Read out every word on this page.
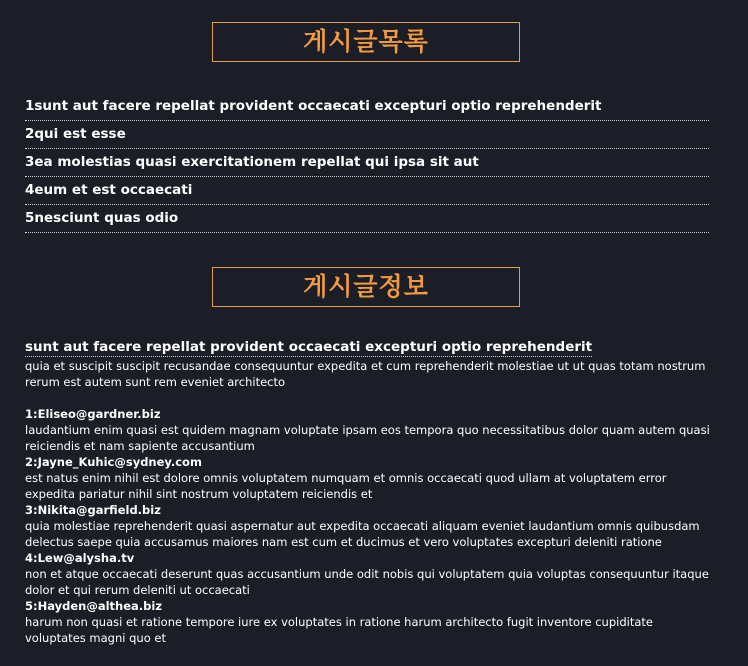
게시글목록
1sunt aut facere repellat provident occaecati excepturi optio reprehenderit
2qui est esse
3ea molestias quasi exercitationem repellat qui ipsa sit aut
4eum et est occaecati
5nesciunt quas odio
게시글정보
sunt aut facere repellat provident occaecati excepturi optio reprehenderit
quia et suscipit suscipit recusandae consequuntur expedita et cum reprehenderit molestiae ut ut quas totam nostrum rerum est autem sunt rem eveniet architecto
1:Eliseo@gardner.biz
laudantium enim quasi est quidem magnam voluptate ipsam eos tempora quo necessitatibus dolor quam autem quasi reiciendis et nam sapiente accusantium
2:Jayne_Kuhic@sydney.com
est natus enim nihil est dolore omnis voluptatem numquam et omnis occaecati quod ullam at voluptatem error expedita pariatur nihil sint nostrum voluptatem reiciendis et
3:Nikita@garfield.biz
quia molestiae reprehenderit quasi aspernatur aut expedita occaecati aliquam eveniet laudantium omnis quibusdam delectus saepe quia accusamus maiores nam est cum et ducimus et vero voluptates excepturi deleniti ratione
4:Lew@alysha.tv
non et atque occaecati deserunt quas accusantium unde odit nobis qui voluptatem quia voluptas consequuntur itaque dolor et qui rerum deleniti ut occaecati
5:Hayden@althea.biz
harum non quasi et ratione tempore iure ex voluptates in ratione harum architecto fugit inventore cupiditate voluptates magni quo et
